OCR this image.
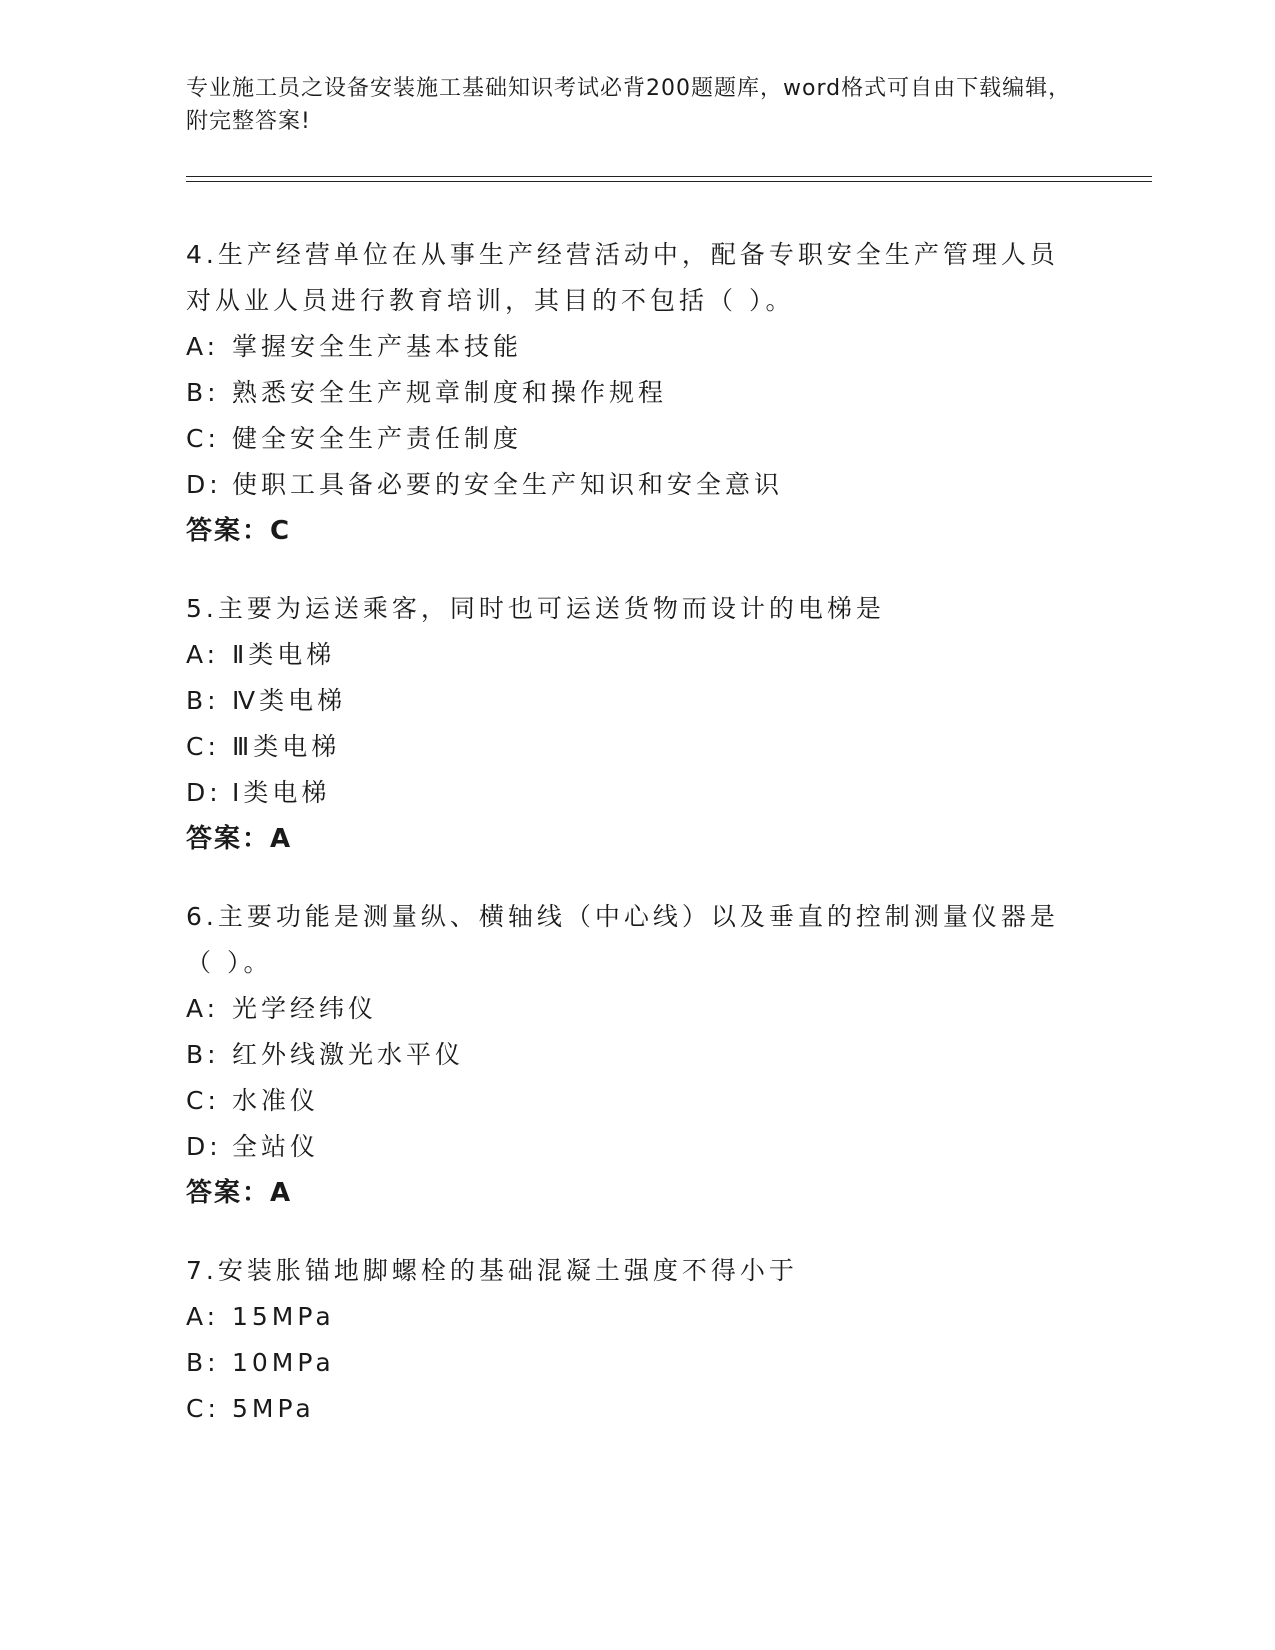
专业施工员之设备安装施工基础知识考试必背200题题库，word格式可自由下载编辑，附完整答案!

4.生产经营单位在从事生产经营活动中，配备专职安全生产管理人员对从业人员进行教育培训，其目的不包括（ ）。

A: 掌握安全生产基本技能

B: 熟悉安全生产规章制度和操作规程

C: 健全安全生产责任制度

D: 使职工具备必要的安全生产知识和安全意识

答案：C

5.主要为运送乘客，同时也可运送货物而设计的电梯是

A: Ⅱ类电梯

B: Ⅳ类电梯

C: Ⅲ类电梯

D: Ⅰ类电梯

答案：A

6.主要功能是测量纵、横轴线（中心线）以及垂直的控制测量仪器是（ ）。

A: 光学经纬仪

B: 红外线激光水平仪

C: 水准仪

D: 全站仪

答案：A

7.安装胀锚地脚螺栓的基础混凝土强度不得小于

A: 15MPa

B: 10MPa

C: 5MPa
